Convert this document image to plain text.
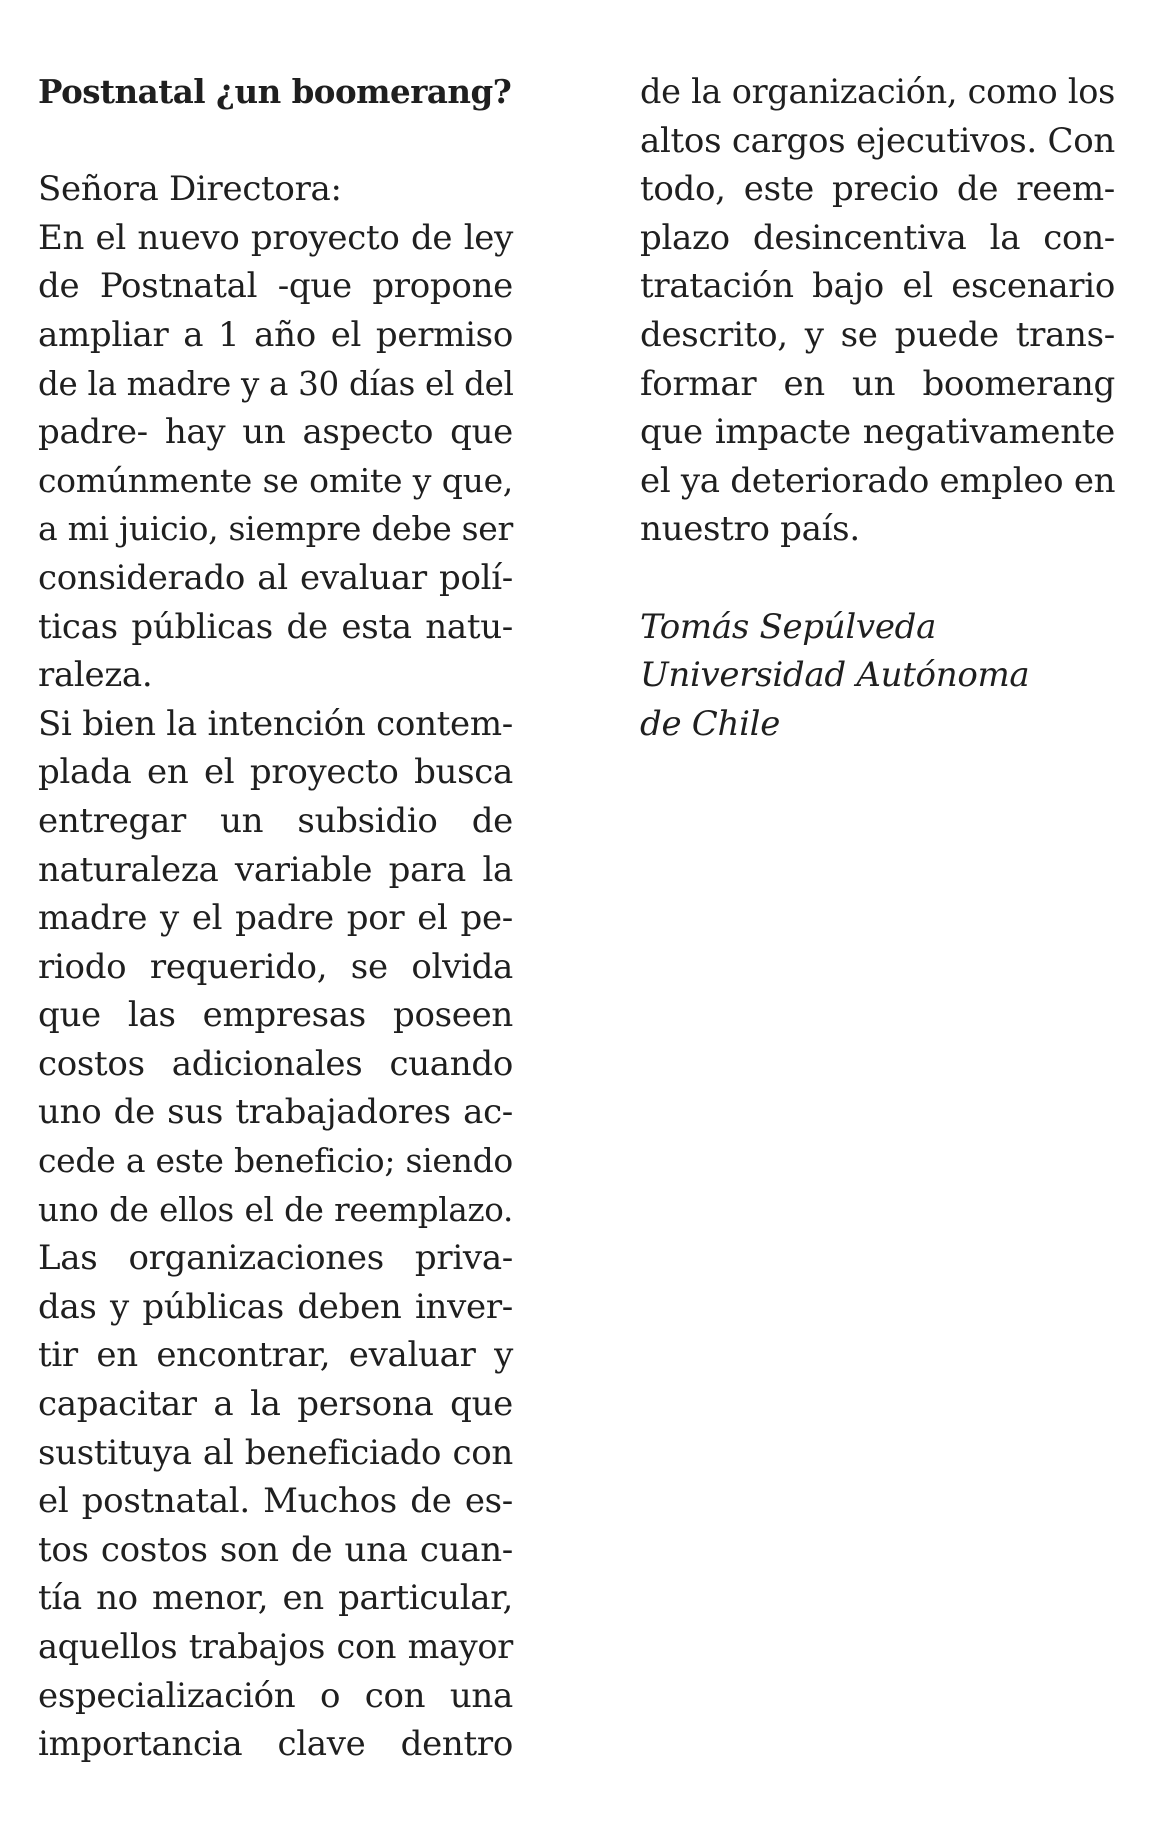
Postnatal ¿un boomerang?
Señora Directora:
En el nuevo proyecto de ley
de Postnatal -que propone
ampliar a 1 año el permiso
de la madre y a 30 días el del
padre- hay un aspecto que
comúnmente se omite y que,
a mi juicio, siempre debe ser
considerado al evaluar polí-
ticas públicas de esta natu-
raleza.
Si bien la intención contem-
plada en el proyecto busca
entregar un subsidio de
naturaleza variable para la
madre y el padre por el pe-
riodo requerido, se olvida
que las empresas poseen
costos adicionales cuando
uno de sus trabajadores ac-
cede a este beneficio; siendo
uno de ellos el de reemplazo.
Las organizaciones priva-
das y públicas deben inver-
tir en encontrar, evaluar y
capacitar a la persona que
sustituya al beneficiado con
el postnatal. Muchos de es-
tos costos son de una cuan-
tía no menor, en particular,
aquellos trabajos con mayor
especialización o con una
importancia clave dentro
de la organización, como los
altos cargos ejecutivos. Con
todo, este precio de reem-
plazo desincentiva la con-
tratación bajo el escenario
descrito, y se puede trans-
formar en un boomerang
que impacte negativamente
el ya deteriorado empleo en
nuestro país.
Tomás Sepúlveda
Universidad Autónoma
de Chile
